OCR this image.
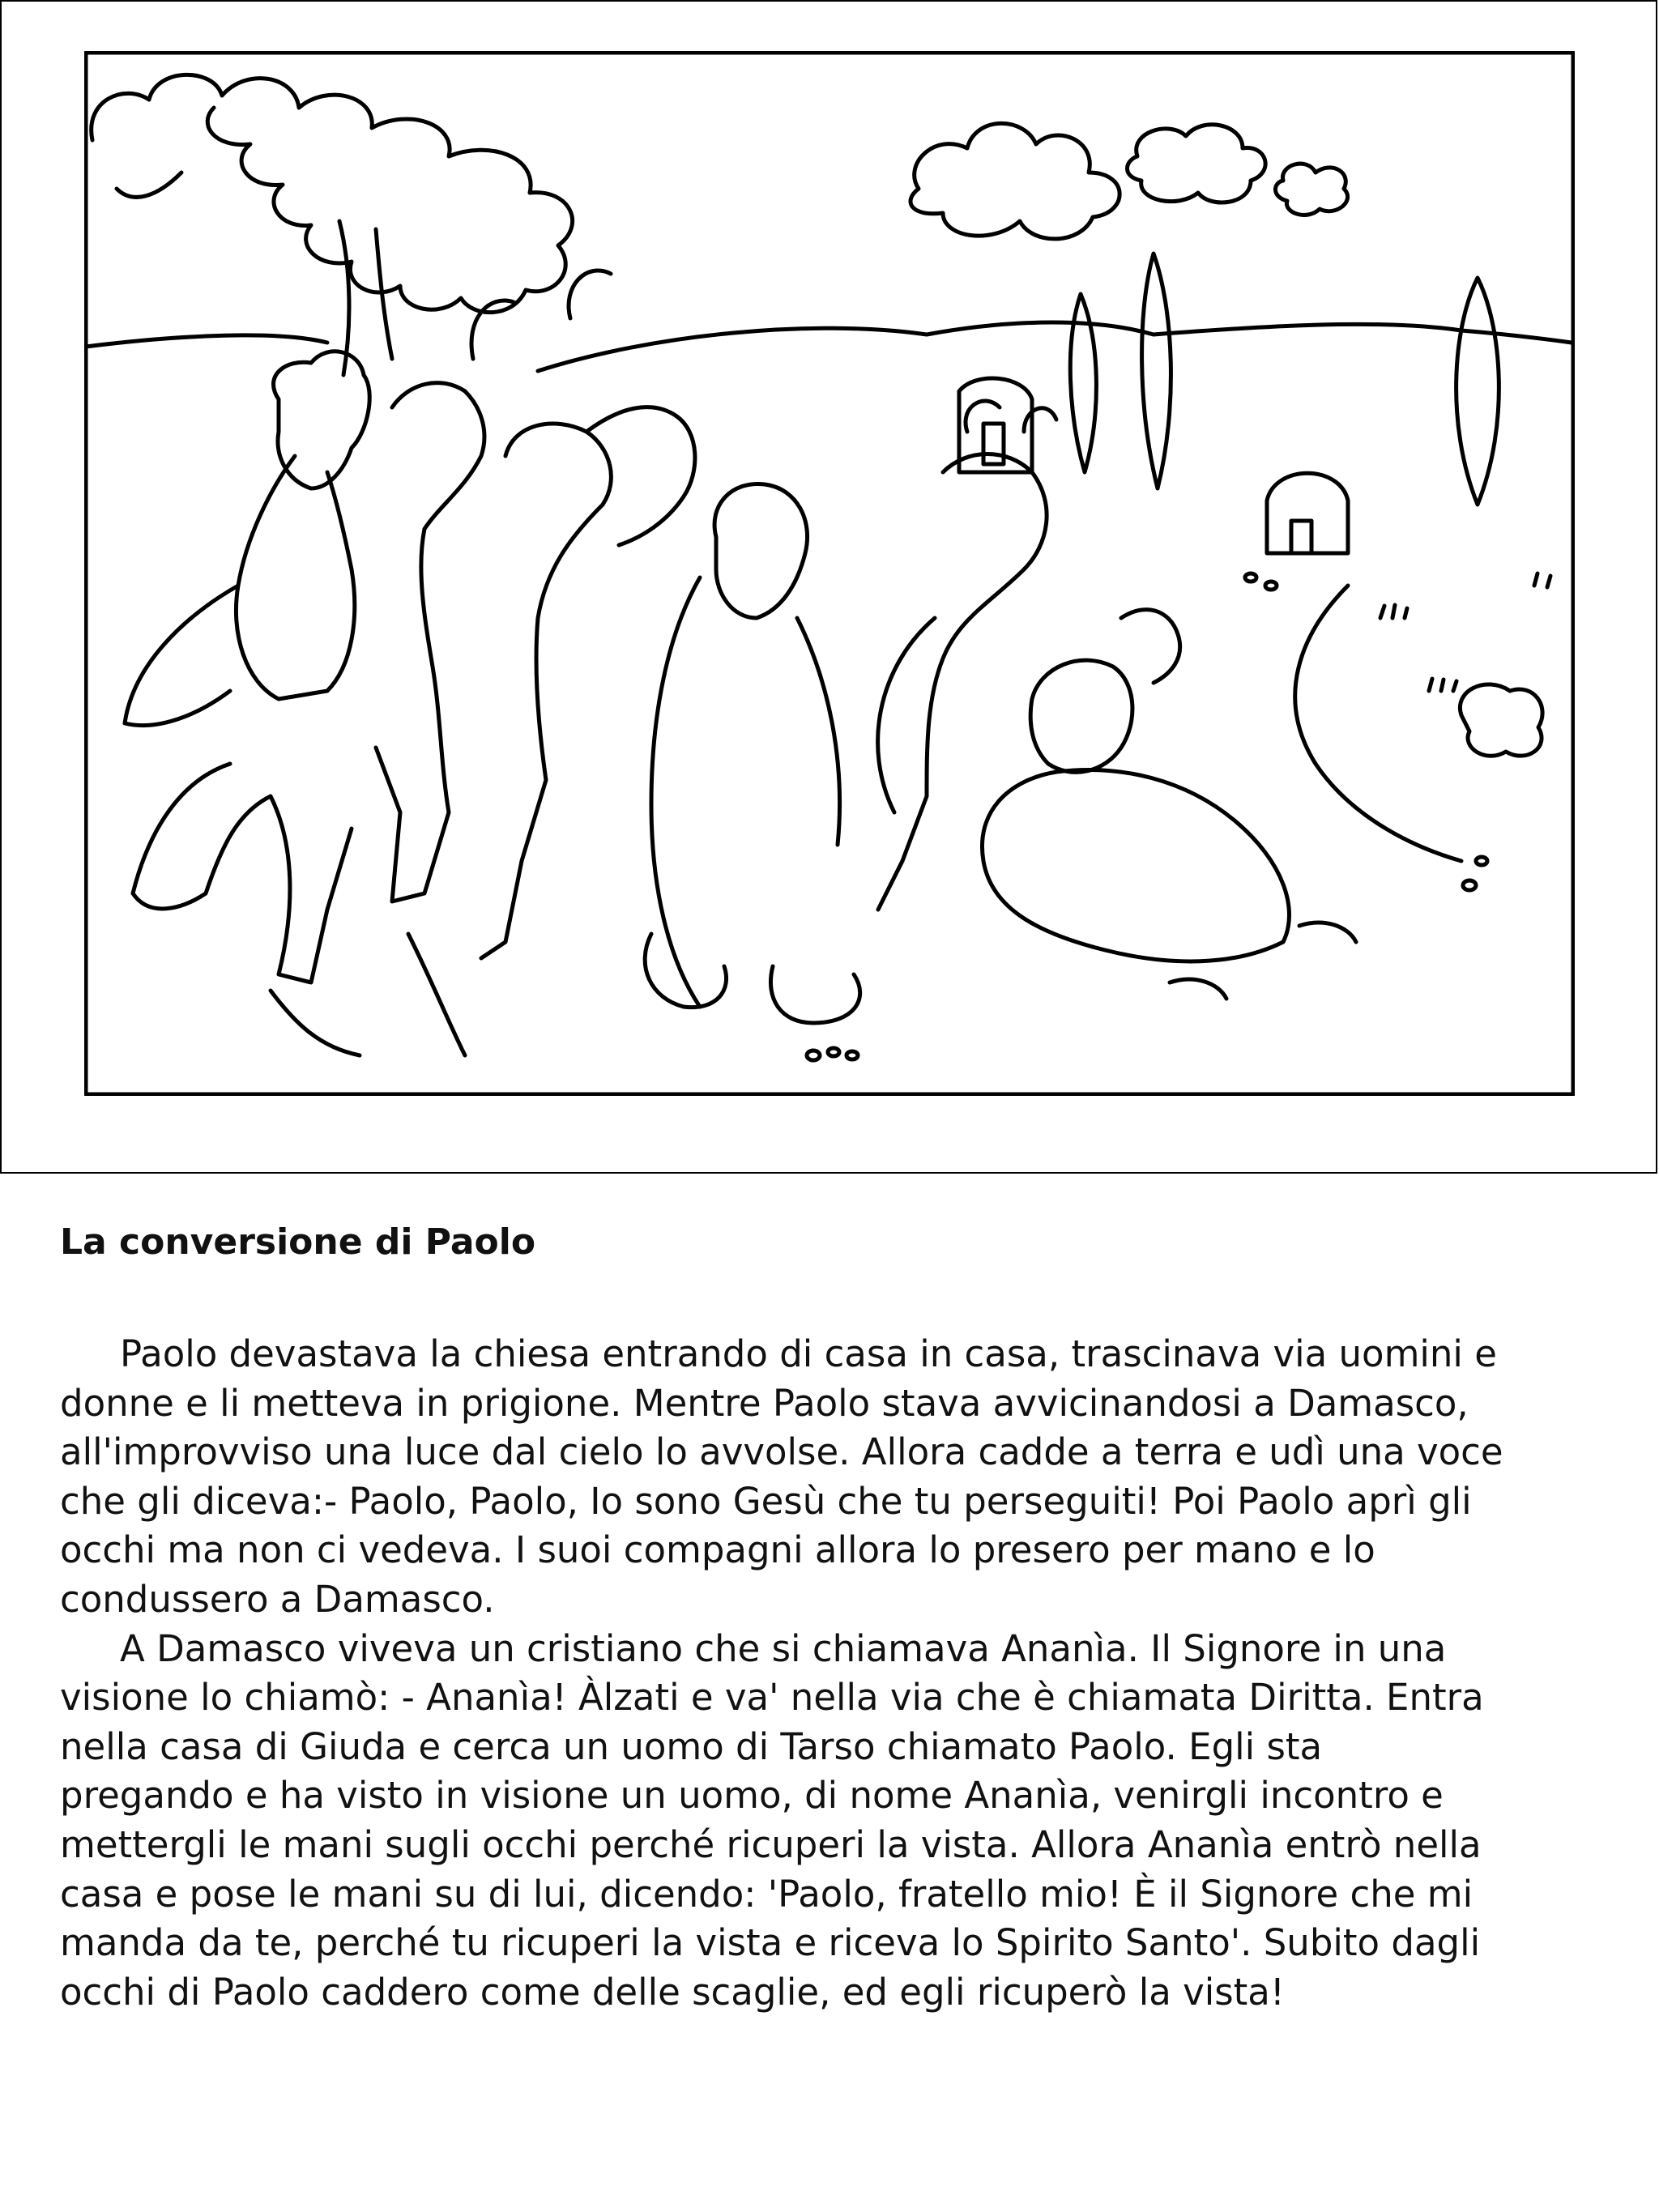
La conversione di Paolo
Paolo devastava la chiesa entrando di casa in casa, trascinava via uomini e
donne e li metteva in prigione. Mentre Paolo stava avvicinandosi a Damasco,
all'improvviso una luce dal cielo lo avvolse. Allora cadde a terra e udì una voce
che gli diceva:- Paolo, Paolo, Io sono Gesù che tu perseguiti! Poi Paolo aprì gli
occhi ma non ci vedeva. I suoi compagni allora lo presero per mano e lo
condussero a Damasco.
A Damasco viveva un cristiano che si chiamava Ananìa. Il Signore in una
visione lo chiamò: - Ananìa! Àlzati e va' nella via che è chiamata Diritta. Entra
nella casa di Giuda e cerca un uomo di Tarso chiamato Paolo. Egli sta
pregando e ha visto in visione un uomo, di nome Ananìa, venirgli incontro e
mettergli le mani sugli occhi perché ricuperi la vista. Allora Ananìa entrò nella
casa e pose le mani su di lui, dicendo: 'Paolo, fratello mio! È il Signore che mi
manda da te, perché tu ricuperi la vista e riceva lo Spirito Santo'. Subito dagli
occhi di Paolo caddero come delle scaglie, ed egli ricuperò la vista!
